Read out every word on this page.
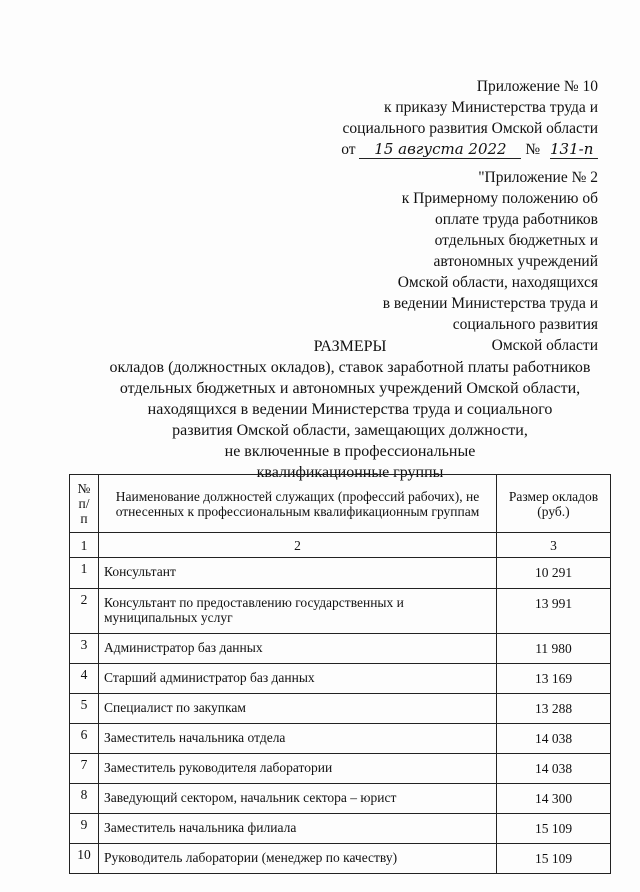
Приложение № 10
к приказу Министерства труда и
социального развития Омской области
от 15 августа 2022 № 131-п
"Приложение № 2
к Примерному положению об
оплате труда работников
отдельных бюджетных и
автономных учреждений
Омской области, находящихся
в ведении Министерства труда и
социального развития
Омской области
РАЗМЕРЫ
окладов (должностных окладов), ставок заработной платы работников
отдельных бюджетных и автономных учреждений Омской области,
находящихся в ведении Министерства труда и социального
развития Омской области, замещающих должности,
не включенные в профессиональные
квалификационные группы
№ п/п	Наименование должностей служащих (профессий рабочих), не отнесенных к профессиональным квалификационным группам	Размер окладов (руб.)
1	2	3
1	Консультант	10 291
2	Консультант по предоставлению государственных и муниципальных услуг	13 991
3	Администратор баз данных	11 980
4	Старший администратор баз данных	13 169
5	Специалист по закупкам	13 288
6	Заместитель начальника отдела	14 038
7	Заместитель руководителя лаборатории	14 038
8	Заведующий сектором, начальник сектора – юрист	14 300
9	Заместитель начальника филиала	15 109
10	Руководитель лаборатории (менеджер по качеству)	15 109
